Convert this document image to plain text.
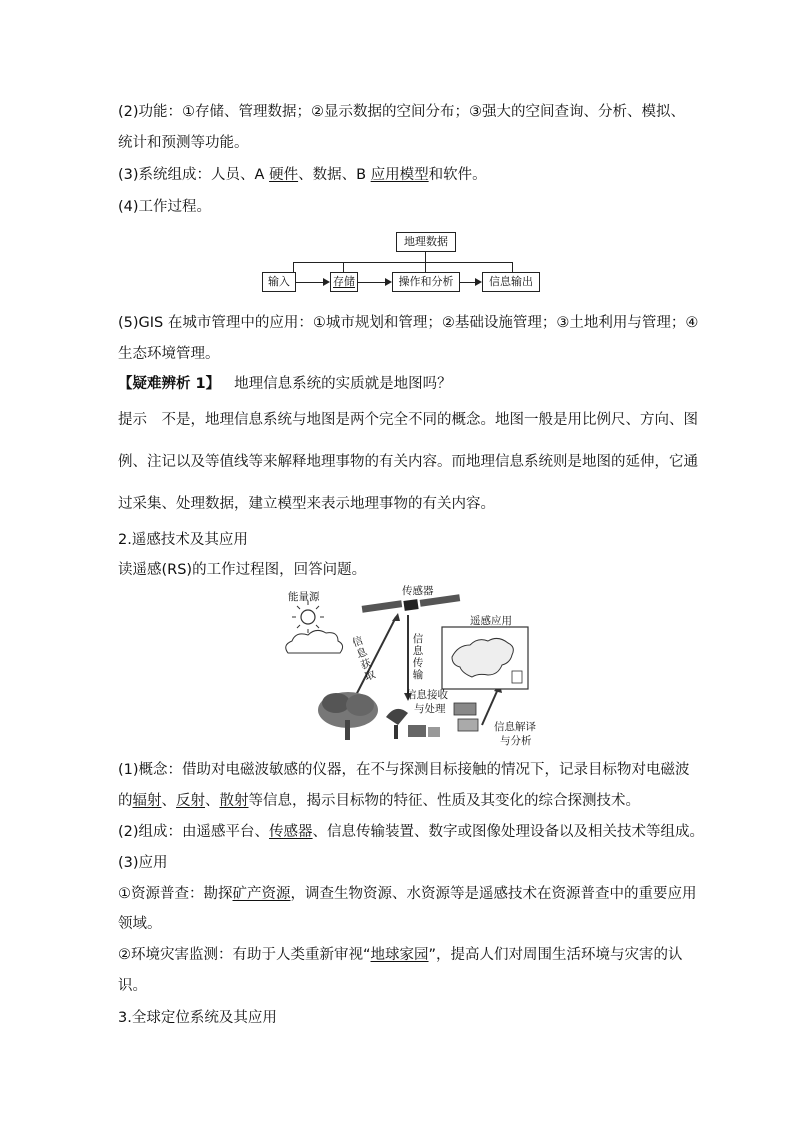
(2)功能：①存储、管理数据；②显示数据的空间分布；③强大的空间查询、分析、模拟、
统计和预测等功能。
(3)系统组成：人员、A 硬件、数据、B 应用模型和软件。
(4)工作过程。
地理数据
输入	存储	操作和分析	信息输出
(5)GIS 在城市管理中的应用：①城市规划和管理；②基础设施管理；③土地利用与管理；④
生态环境管理。
【疑难辨析 1】 地理信息系统的实质就是地图吗？
提示　不是，地理信息系统与地图是两个完全不同的概念。地图一般是用比例尺、方向、图
例、注记以及等值线等来解释地理事物的有关内容。而地理信息系统则是地图的延伸，它通
过采集、处理数据，建立模型来表示地理事物的有关内容。
2.遥感技术及其应用
读遥感(RS)的工作过程图，回答问题。
能量源	传感器
信息获取
信息传输
信息接收
与处理
遥感应用
信息解译
与分析
(1)概念：借助对电磁波敏感的仪器，在不与探测目标接触的情况下，记录目标物对电磁波
的辐射、反射、散射等信息，揭示目标物的特征、性质及其变化的综合探测技术。
(2)组成：由遥感平台、传感器、信息传输装置、数字或图像处理设备以及相关技术等组成。
(3)应用
①资源普查：勘探矿产资源，调查生物资源、水资源等是遥感技术在资源普查中的重要应用
领域。
②环境灾害监测：有助于人类重新审视“地球家园”，提高人们对周围生活环境与灾害的认
识。
3.全球定位系统及其应用
